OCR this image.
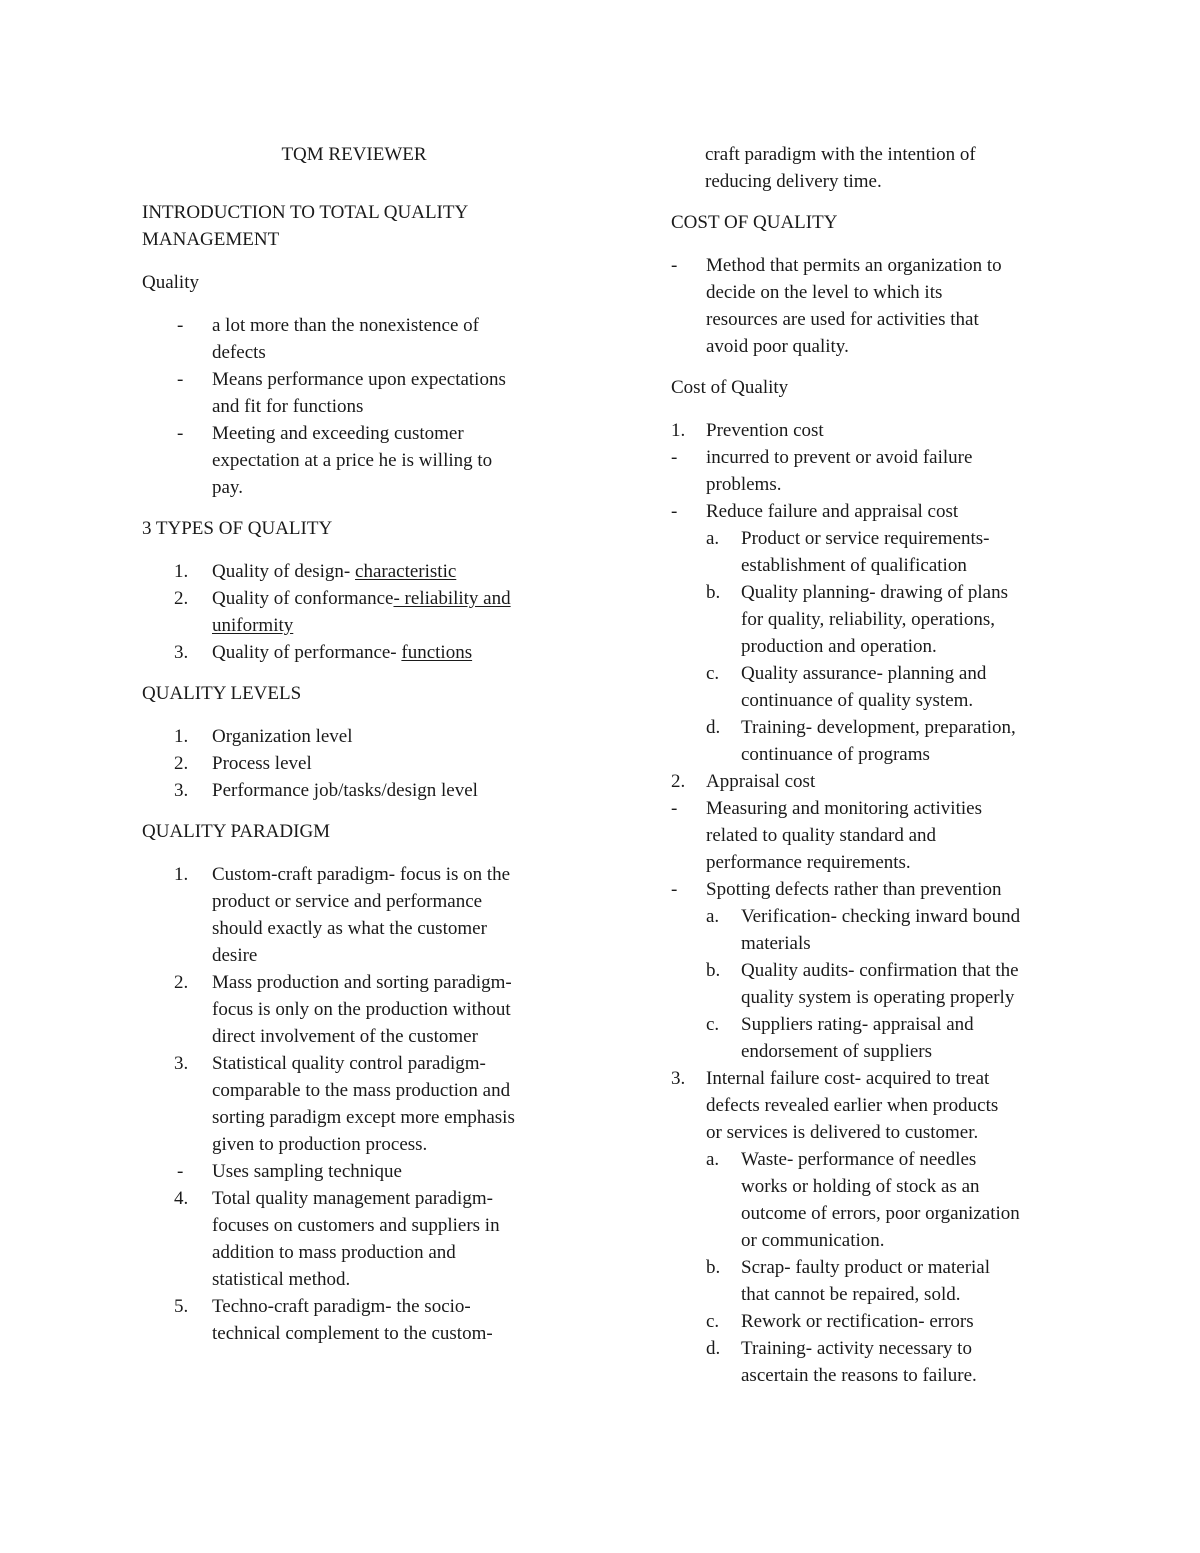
TQM REVIEWER
INTRODUCTION TO TOTAL QUALITY
MANAGEMENT
Quality
-	a lot more than the nonexistence of
defects
-	Means performance upon expectations
and fit for functions
-	Meeting and exceeding customer
expectation at a price he is willing to
pay.
3 TYPES OF QUALITY
1.	Quality of design- characteristic
2.	Quality of conformance- reliability and
uniformity
3.	Quality of performance- functions
QUALITY LEVELS
1.	Organization level
2.	Process level
3.	Performance job/tasks/design level
QUALITY PARADIGM
1.	Custom-craft paradigm- focus is on the
product or service and performance
should exactly as what the customer
desire
2.	Mass production and sorting paradigm-
focus is only on the production without
direct involvement of the customer
3.	Statistical quality control paradigm-
comparable to the mass production and
sorting paradigm except more emphasis
given to production process.
-	Uses sampling technique
4.	Total quality management paradigm-
focuses on customers and suppliers in
addition to mass production and
statistical method.
5.	Techno-craft paradigm- the socio-
technical complement to the custom-
craft paradigm with the intention of
reducing delivery time.
COST OF QUALITY
-	Method that permits an organization to
decide on the level to which its
resources are used for activities that
avoid poor quality.
Cost of Quality
1.	Prevention cost
-	incurred to prevent or avoid failure
problems.
-	Reduce failure and appraisal cost
a.	Product or service requirements-
establishment of qualification
b.	Quality planning- drawing of plans
for quality, reliability, operations,
production and operation.
c.	Quality assurance- planning and
continuance of quality system.
d.	Training- development, preparation,
continuance of programs
2.	Appraisal cost
-	Measuring and monitoring activities
related to quality standard and
performance requirements.
-	Spotting defects rather than prevention
a.	Verification- checking inward bound
materials
b.	Quality audits- confirmation that the
quality system is operating properly
c.	Suppliers rating- appraisal and
endorsement of suppliers
3.	Internal failure cost- acquired to treat
defects revealed earlier when products
or services is delivered to customer.
a.	Waste- performance of needles
works or holding of stock as an
outcome of errors, poor organization
or communication.
b.	Scrap- faulty product or material
that cannot be repaired, sold.
c.	Rework or rectification- errors
d.	Training- activity necessary to
ascertain the reasons to failure.
